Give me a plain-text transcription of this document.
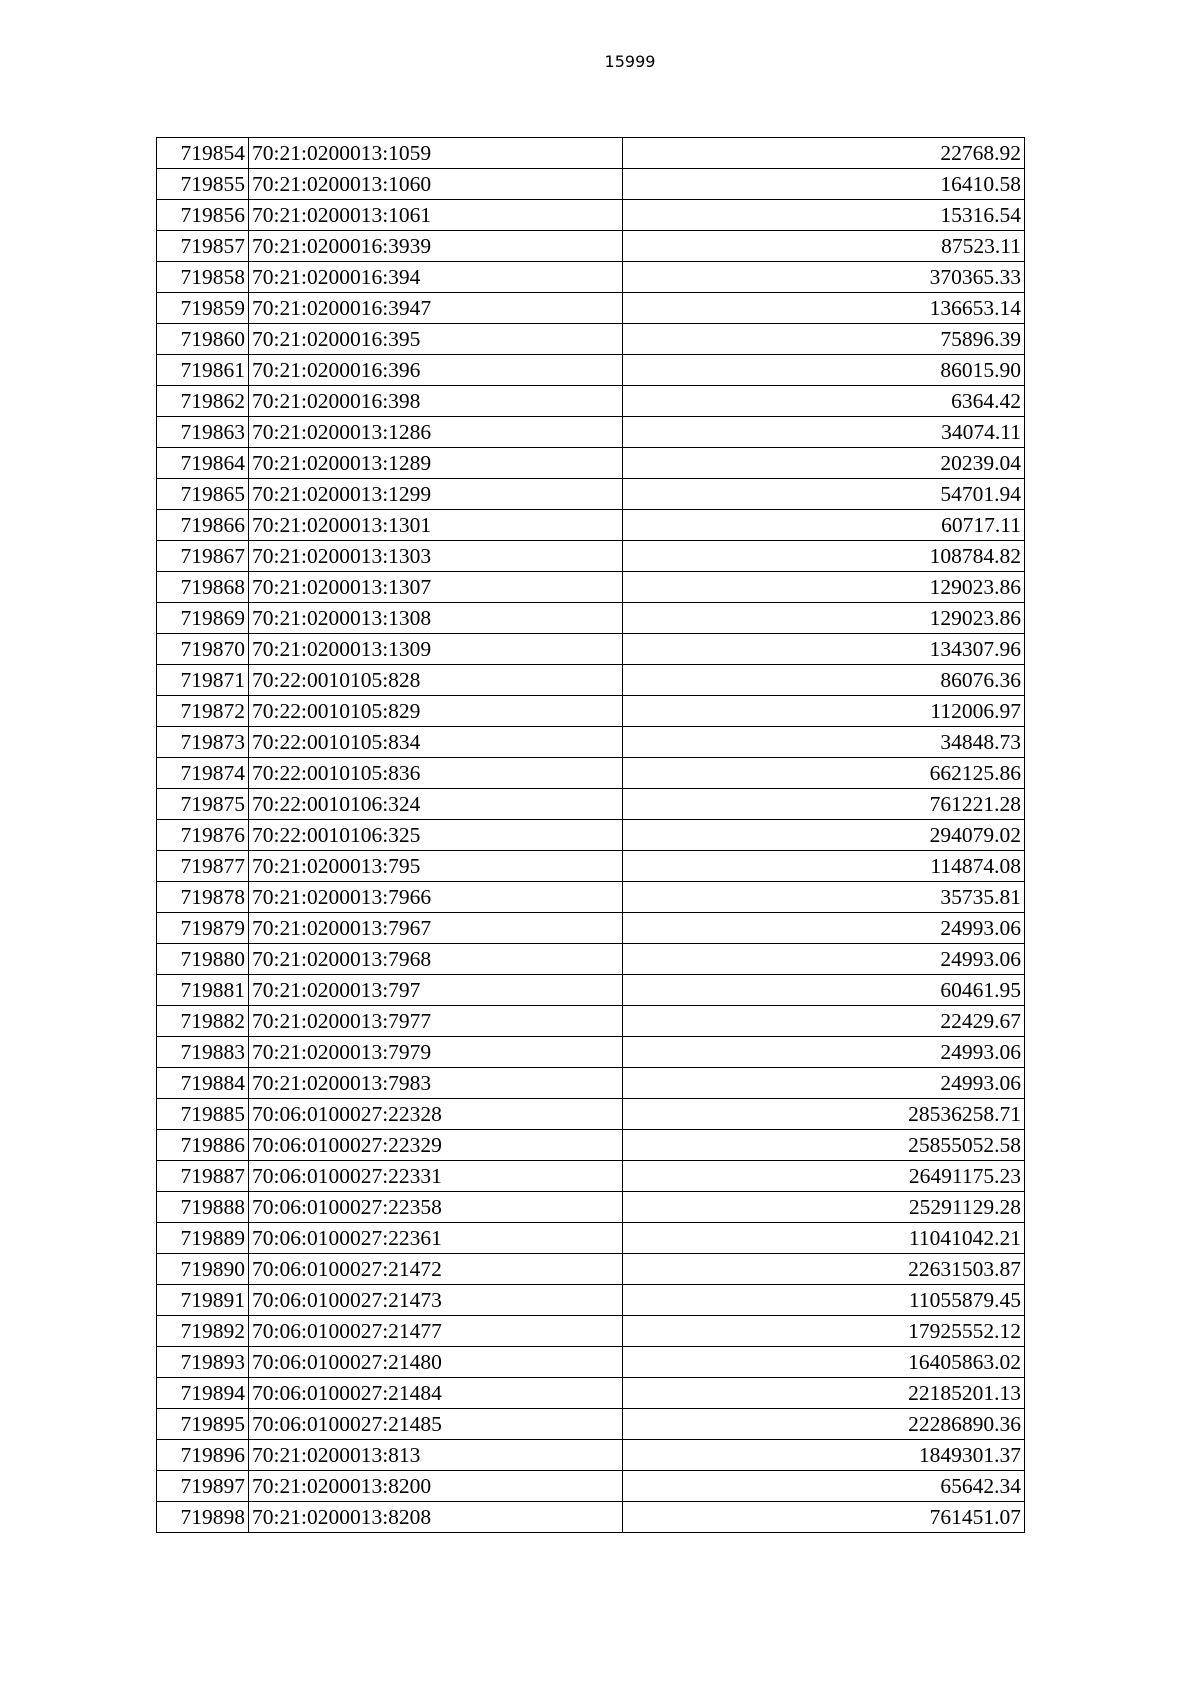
15999
719854	70:21:0200013:1059	22768.92
719855	70:21:0200013:1060	16410.58
719856	70:21:0200013:1061	15316.54
719857	70:21:0200016:3939	87523.11
719858	70:21:0200016:394	370365.33
719859	70:21:0200016:3947	136653.14
719860	70:21:0200016:395	75896.39
719861	70:21:0200016:396	86015.90
719862	70:21:0200016:398	6364.42
719863	70:21:0200013:1286	34074.11
719864	70:21:0200013:1289	20239.04
719865	70:21:0200013:1299	54701.94
719866	70:21:0200013:1301	60717.11
719867	70:21:0200013:1303	108784.82
719868	70:21:0200013:1307	129023.86
719869	70:21:0200013:1308	129023.86
719870	70:21:0200013:1309	134307.96
719871	70:22:0010105:828	86076.36
719872	70:22:0010105:829	112006.97
719873	70:22:0010105:834	34848.73
719874	70:22:0010105:836	662125.86
719875	70:22:0010106:324	761221.28
719876	70:22:0010106:325	294079.02
719877	70:21:0200013:795	114874.08
719878	70:21:0200013:7966	35735.81
719879	70:21:0200013:7967	24993.06
719880	70:21:0200013:7968	24993.06
719881	70:21:0200013:797	60461.95
719882	70:21:0200013:7977	22429.67
719883	70:21:0200013:7979	24993.06
719884	70:21:0200013:7983	24993.06
719885	70:06:0100027:22328	28536258.71
719886	70:06:0100027:22329	25855052.58
719887	70:06:0100027:22331	26491175.23
719888	70:06:0100027:22358	25291129.28
719889	70:06:0100027:22361	11041042.21
719890	70:06:0100027:21472	22631503.87
719891	70:06:0100027:21473	11055879.45
719892	70:06:0100027:21477	17925552.12
719893	70:06:0100027:21480	16405863.02
719894	70:06:0100027:21484	22185201.13
719895	70:06:0100027:21485	22286890.36
719896	70:21:0200013:813	1849301.37
719897	70:21:0200013:8200	65642.34
719898	70:21:0200013:8208	761451.07
